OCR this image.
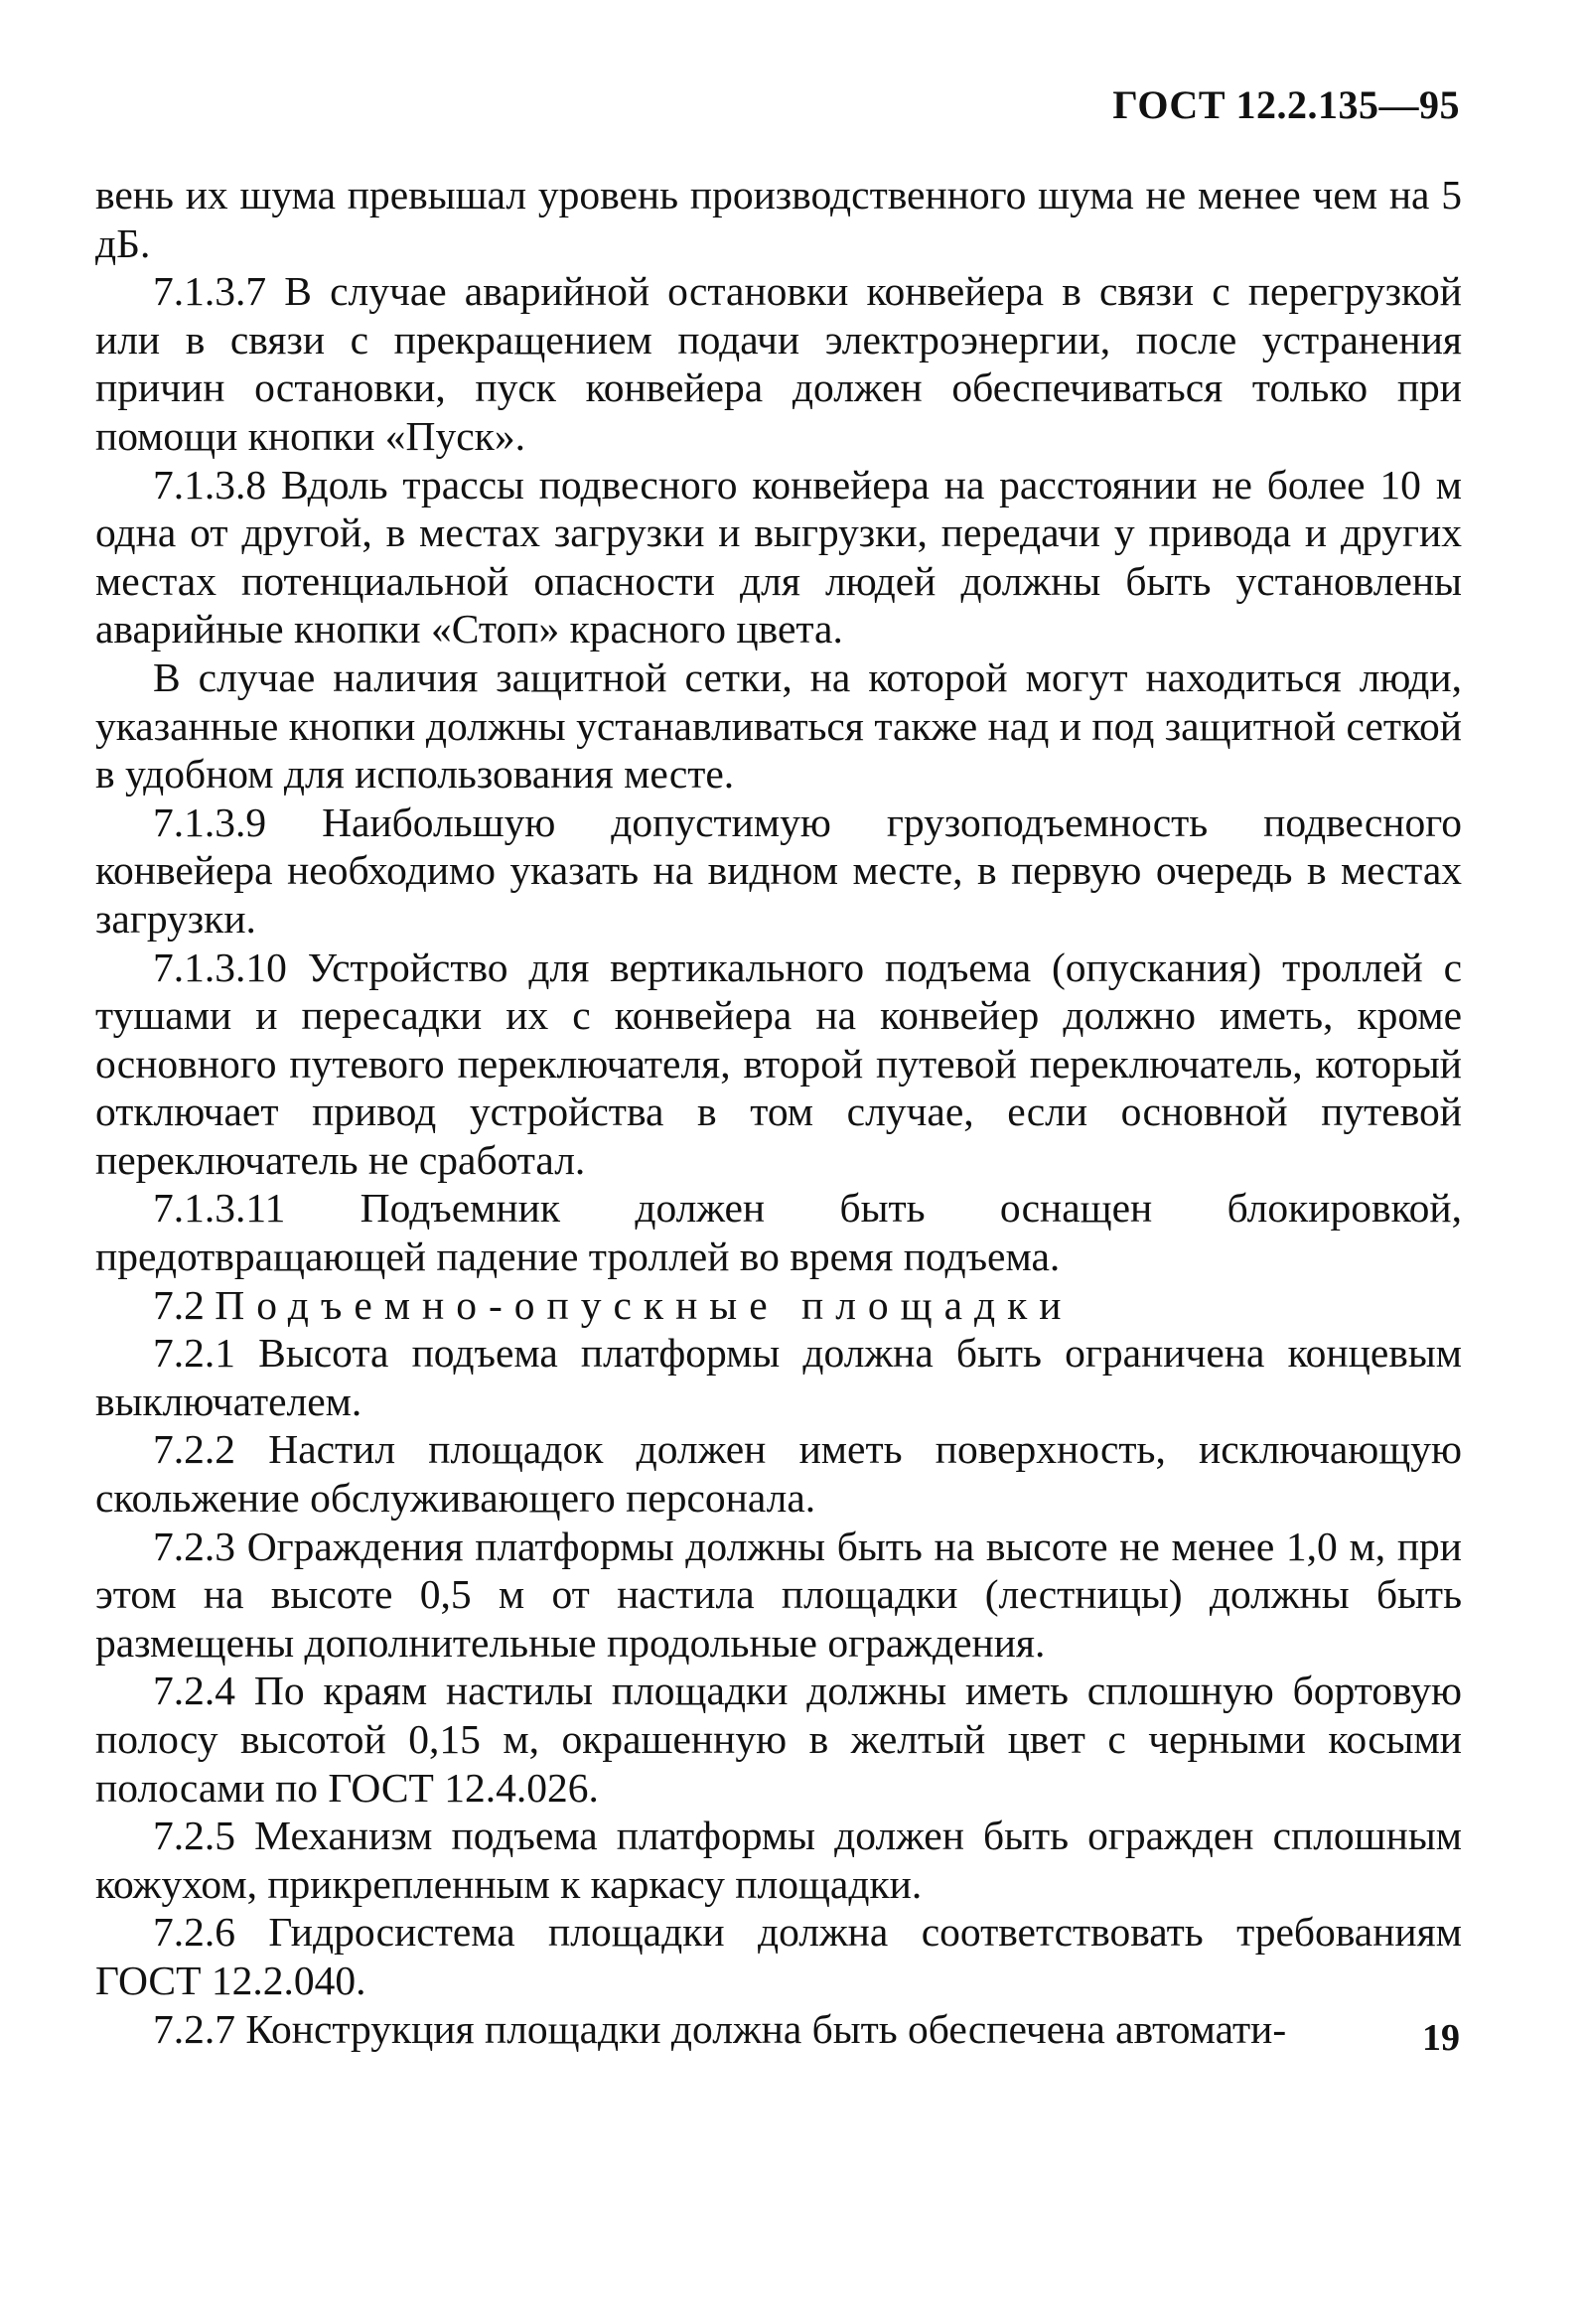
ГОСТ 12.2.135—95

вень их шума превышал уровень производственного шума не менее чем на 5 дБ.

7.1.3.7 В случае аварийной остановки конвейера в связи с перегрузкой или в связи с прекращением подачи электроэнергии, после устранения причин остановки, пуск конвейера должен обеспечиваться только при помощи кнопки «Пуск».

7.1.3.8 Вдоль трассы подвесного конвейера на расстоянии не более 10 м одна от другой, в местах загрузки и выгрузки, передачи у привода и других местах потенциальной опасности для людей должны быть установлены аварийные кнопки «Стоп» красного цвета.

В случае наличия защитной сетки, на которой могут находиться люди, указанные кнопки должны устанавливаться также над и под защитной сеткой в удобном для использования месте.

7.1.3.9 Наибольшую допустимую грузоподъемность подвесного конвейера необходимо указать на видном месте, в первую очередь в местах загрузки.

7.1.3.10 Устройство для вертикального подъема (опускания) троллей с тушами и пересадки их с конвейера на конвейер должно иметь, кроме основного путевого переключателя, второй путевой переключатель, который отключает привод устройства в том случае, если основной путевой переключатель не сработал.

7.1.3.11 Подъемник должен быть оснащен блокировкой, предотвращающей падение троллей во время подъема.

7.2 Подъемно-опускные площадки

7.2.1 Высота подъема платформы должна быть ограничена концевым выключателем.

7.2.2 Настил площадок должен иметь поверхность, исключающую скольжение обслуживающего персонала.

7.2.3 Ограждения платформы должны быть на высоте не менее 1,0 м, при этом на высоте 0,5 м от настила площадки (лестницы) должны быть размещены дополнительные продольные ограждения.

7.2.4 По краям настилы площадки должны иметь сплошную бортовую полосу высотой 0,15 м, окрашенную в желтый цвет с черными косыми полосами по ГОСТ 12.4.026.

7.2.5 Механизм подъема платформы должен быть огражден сплошным кожухом, прикрепленным к каркасу площадки.

7.2.6 Гидросистема площадки должна соответствовать требованиям ГОСТ 12.2.040.

7.2.7 Конструкция площадки должна быть обеспечена автомати-	19
